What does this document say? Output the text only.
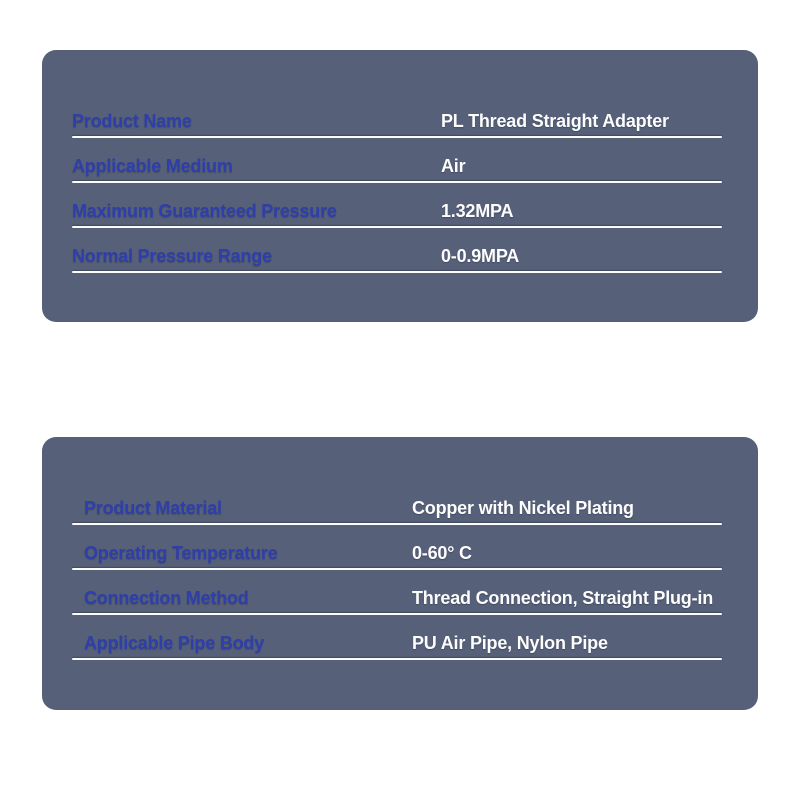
Product Name	PL Thread Straight Adapter
Applicable Medium	Air
Maximum Guaranteed Pressure	1.32MPA
Normal Pressure Range	0-0.9MPA
Product Material	Copper with Nickel Plating
Operating Temperature	0-60° C
Connection Method	Thread Connection, Straight Plug-in
Applicable Pipe Body	PU Air Pipe, Nylon Pipe
